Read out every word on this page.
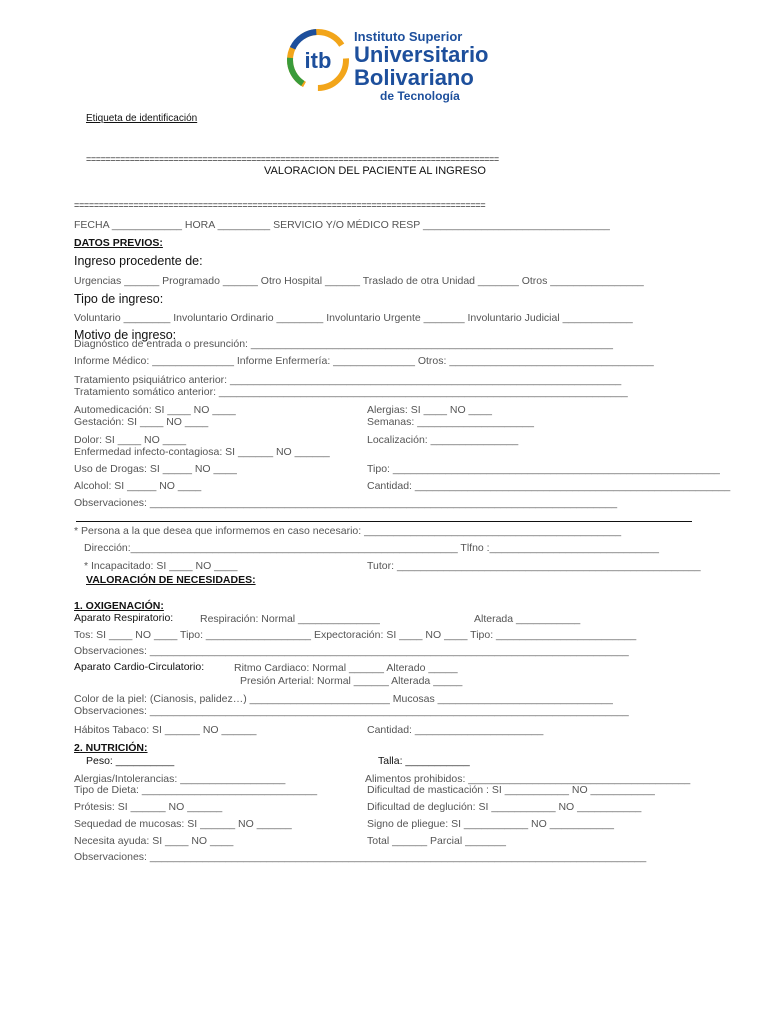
itb
Instituto Superior
Universitario
Bolivariano
de Tecnología
Etiqueta de identificación
=====================================================================================
VALORACION DEL PACIENTE AL INGRESO
===================================================================================
FECHA ____________ HORA _________ SERVICIO Y/O MÉDICO RESP ________________________________
DATOS PREVIOS:
Ingreso procedente de:
Urgencias ______ Programado ______ Otro Hospital ______ Traslado de otra Unidad _______ Otros ________________
Tipo de ingreso:
Voluntario ________ Involuntario Ordinario ________ Involuntario Urgente _______ Involuntario Judicial ____________
Motivo de ingreso:
Diagnóstico de entrada o presunción: ______________________________________________________________
Informe Médico: ______________ Informe Enfermería: ______________ Otros: ___________________________________
Tratamiento psiquiátrico anterior: ___________________________________________________________________
Tratamiento somático anterior: ______________________________________________________________________
Automedicación: SI ____ NO ____	Alergias: SI ____ NO ____
Gestación: SI ____ NO ____	Semanas: ____________________
Dolor: SI ____ NO ____	Localización: _______________
Enfermedad infecto-contagiosa: SI ______ NO ______
Uso de Drogas: SI _____ NO ____	Tipo: ________________________________________________________
Alcohol: SI _____ NO ____	Cantidad: ______________________________________________________
Observaciones: ________________________________________________________________________________
* Persona a la que desea que informemos en caso necesario: ____________________________________________
Dirección:________________________________________________________ Tlfno :_____________________________
* Incapacitado: SI ____ NO ____	Tutor: ____________________________________________________
VALORACIÓN DE NECESIDADES:
1. OXIGENACIÓN:
Aparato Respiratorio:	Respiración: Normal ______________	Alterada ___________
Tos: SI ____ NO ____ Tipo: __________________ Expectoración: SI ____ NO ____ Tipo: ________________________
Observaciones: __________________________________________________________________________________
Aparato Cardio-Circulatorio:	Ritmo Cardiaco: Normal ______ Alterado _____
Presión Arterial: Normal ______ Alterada _____
Color de la piel: (Cianosis, palidez…) ________________________ Mucosas ______________________________
Observaciones: __________________________________________________________________________________
Hábitos Tabaco: SI ______ NO ______	Cantidad: ______________________
2. NUTRICIÓN:
Peso: __________	Talla: ___________
Alergias/Intolerancias: __________________	Alimentos prohibidos: ______________________________________
Tipo de Dieta: ______________________________	Dificultad de masticación : SI ___________ NO ___________
Prótesis: SI ______ NO ______	Dificultad de deglución: SI ___________ NO ___________
Sequedad de mucosas: SI ______ NO ______	Signo de pliegue: SI ___________ NO ___________
Necesita ayuda: SI ____ NO ____	Total ______ Parcial _______
Observaciones: _____________________________________________________________________________________
